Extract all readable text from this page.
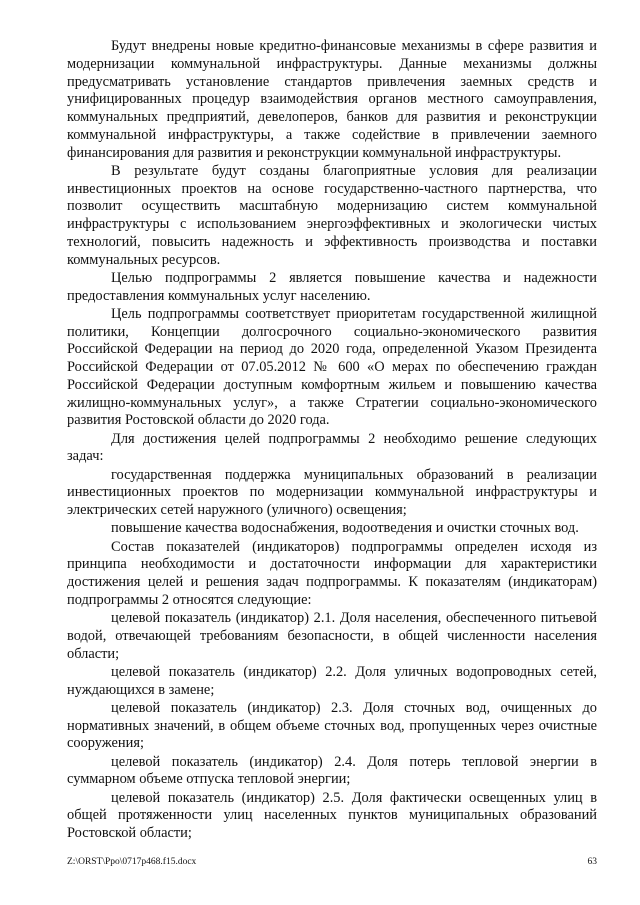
Будут внедрены новые кредитно-финансовые механизмы в сфере развития и модернизации коммунальной инфраструктуры. Данные механизмы должны предусматривать установление стандартов привлечения заемных средств и унифицированных процедур взаимодействия органов местного самоуправления, коммунальных предприятий, девелоперов, банков для развития и реконструкции коммунальной инфраструктуры, а также содействие в привлечении заемного финансирования для развития и реконструкции коммунальной инфраструктуры.

В результате будут созданы благоприятные условия для реализации инвестиционных проектов на основе государственно-частного партнерства, что позволит осуществить масштабную модернизацию систем коммунальной инфраструктуры с использованием энергоэффективных и экологически чистых технологий, повысить надежность и эффективность производства и поставки коммунальных ресурсов.

Целью подпрограммы 2 является повышение качества и надежности предоставления коммунальных услуг населению.

Цель подпрограммы соответствует приоритетам государственной жилищной политики, Концепции долгосрочного социально-экономического развития Российской Федерации на период до 2020 года, определенной Указом Президента Российской Федерации от 07.05.2012 № 600 «О мерах по обеспечению граждан Российской Федерации доступным комфортным жильем и повышению качества жилищно-коммунальных услуг», а также Стратегии социально-экономического развития Ростовской области до 2020 года.

Для достижения целей подпрограммы 2 необходимо решение следующих задач:

государственная поддержка муниципальных образований в реализации инвестиционных проектов по модернизации коммунальной инфраструктуры и электрических сетей наружного (уличного) освещения;

повышение качества водоснабжения, водоотведения и очистки сточных вод.

Состав показателей (индикаторов) подпрограммы определен исходя из принципа необходимости и достаточности информации для характеристики достижения целей и решения задач подпрограммы. К показателям (индикаторам) подпрограммы 2 относятся следующие:

целевой показатель (индикатор) 2.1. Доля населения, обеспеченного питьевой водой, отвечающей требованиям безопасности, в общей численности населения области;

целевой показатель (индикатор) 2.2. Доля уличных водопроводных сетей, нуждающихся в замене;

целевой показатель (индикатор) 2.3. Доля сточных вод, очищенных до нормативных значений, в общем объеме сточных вод, пропущенных через очистные сооружения;

целевой показатель (индикатор) 2.4. Доля потерь тепловой энергии в суммарном объеме отпуска тепловой энергии;

целевой показатель (индикатор) 2.5. Доля фактически освещенных улиц в общей протяженности улиц населенных пунктов муниципальных образований Ростовской области;

Z:\ORST\Ppo\0717p468.f15.docx	63
